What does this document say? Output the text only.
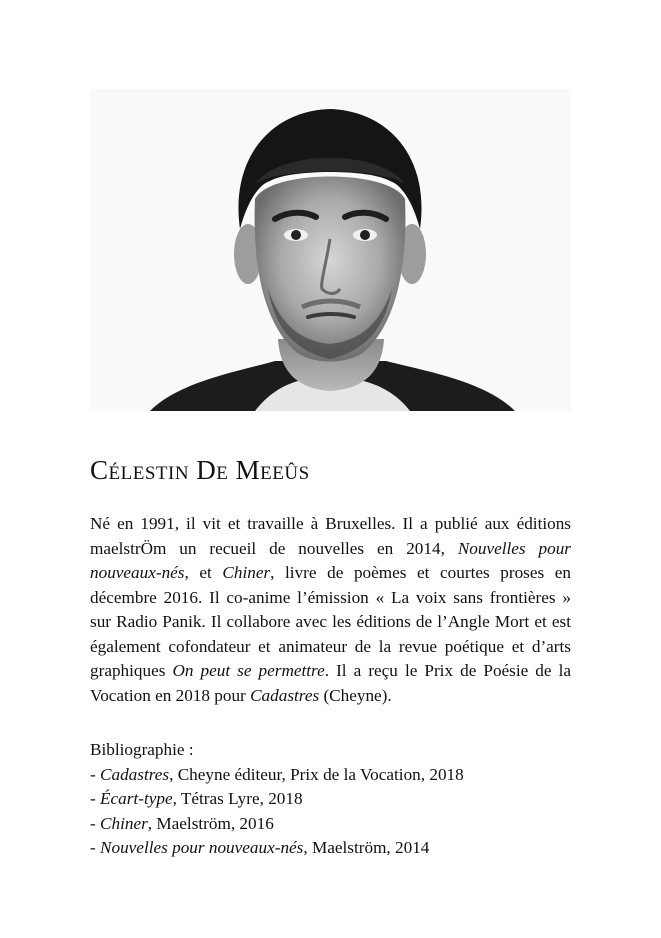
Célestin De Meeûs
Né en 1991, il vit et travaille à Bruxelles. Il a publié aux éditions
maelstrÖm un recueil de nouvelles en 2014, Nouvelles pour
nouveaux-nés, et Chiner, livre de poèmes et courtes proses en
décembre 2016. Il co-anime l’émission « La voix sans frontières »
sur Radio Panik. Il collabore avec les éditions de l’Angle Mort et est
également cofondateur et animateur de la revue poétique et d’arts
graphiques On peut se permettre. Il a reçu le Prix de Poésie de la
Vocation en 2018 pour Cadastres (Cheyne).
Bibliographie :
- Cadastres, Cheyne éditeur, Prix de la Vocation, 2018
- Écart-type, Tétras Lyre, 2018
- Chiner, Maelström, 2016
- Nouvelles pour nouveaux-nés, Maelström, 2014
